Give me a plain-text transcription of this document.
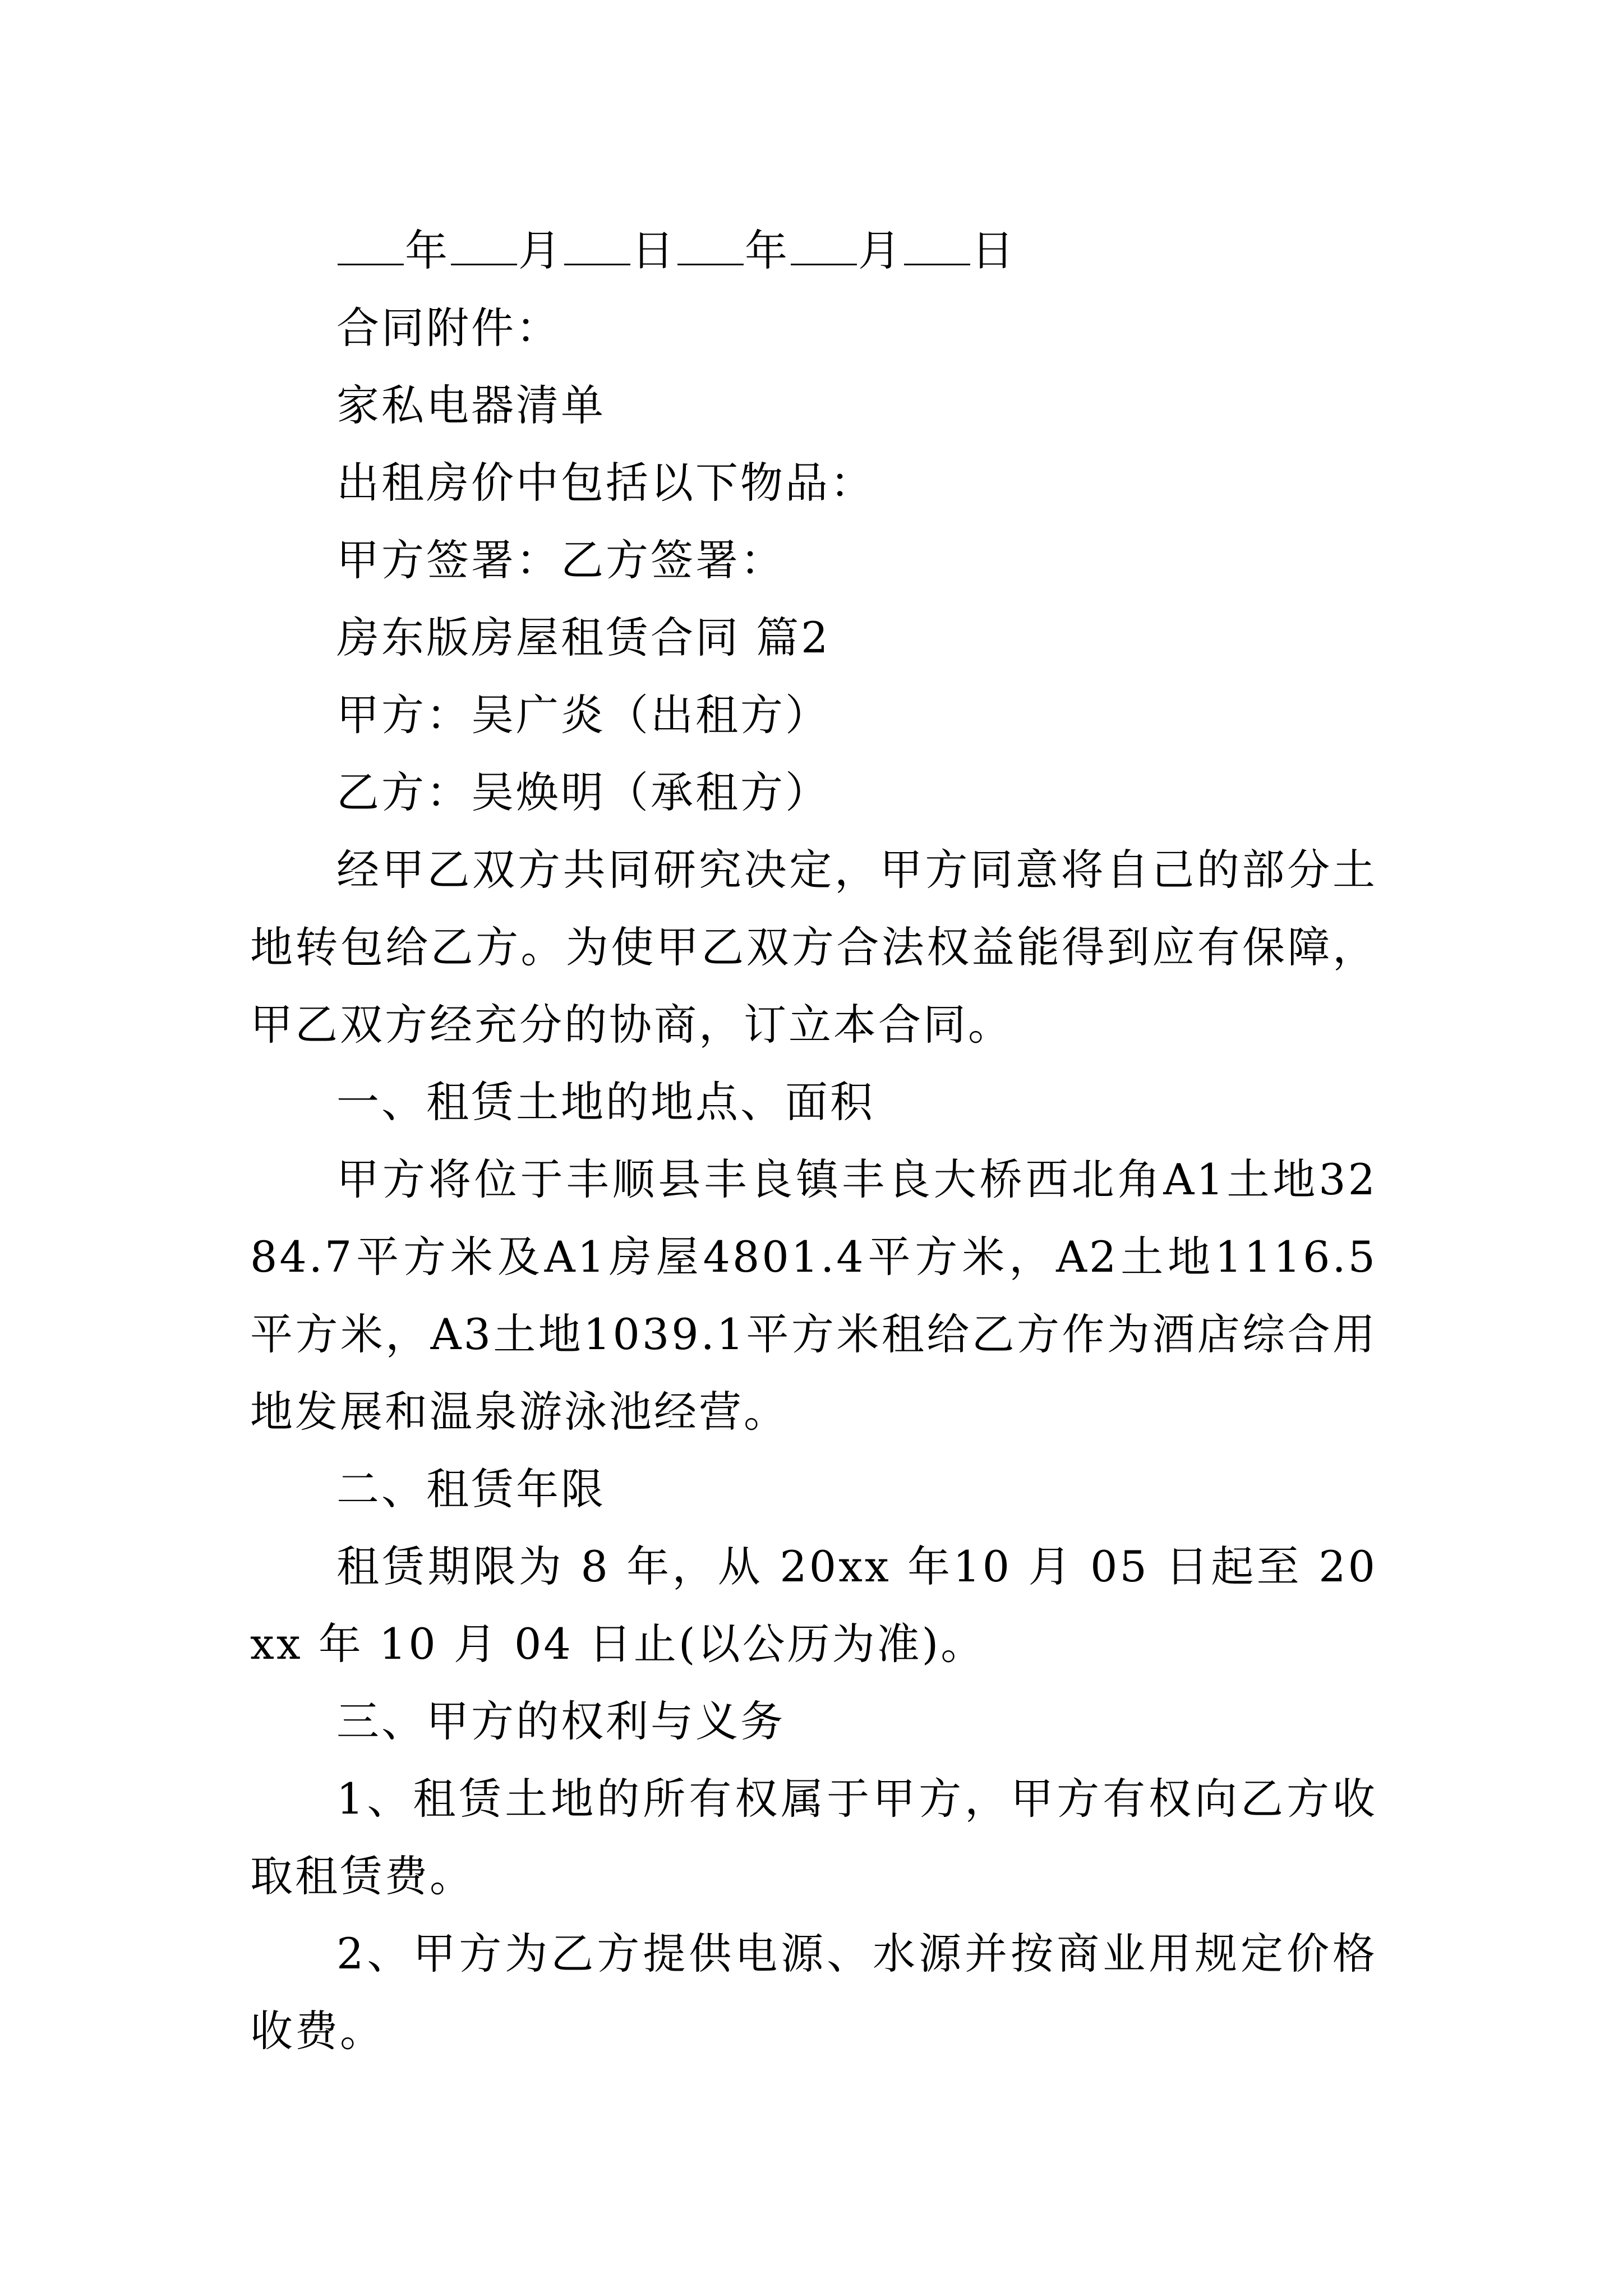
年 月 日 年 月 日

合同附件：

家私电器清单

出租房价中包括以下物品：

甲方签署：乙方签署：

房东版房屋租赁合同 篇2

甲方：吴广炎（出租方）

乙方：吴焕明（承租方）

经甲乙双方共同研究决定，甲方同意将自己的部分土地转包给乙方。为使甲乙双方合法权益能得到应有保障，甲乙双方经充分的协商，订立本合同。

一、租赁土地的地点、面积

甲方将位于丰顺县丰良镇丰良大桥西北角A1土地3284.7平方米及A1房屋4801.4平方米，A2土地1116.5平方米，A3土地1039.1平方米租给乙方作为酒店综合用地发展和温泉游泳池经营。

二、租赁年限

租赁期限为 8 年，从 20xx 年10 月 05 日起至 20xx 年 10 月 04 日止(以公历为准)。

三、甲方的权利与义务

1、租赁土地的所有权属于甲方，甲方有权向乙方收取租赁费。

2、甲方为乙方提供电源、水源并按商业用规定价格收费。
